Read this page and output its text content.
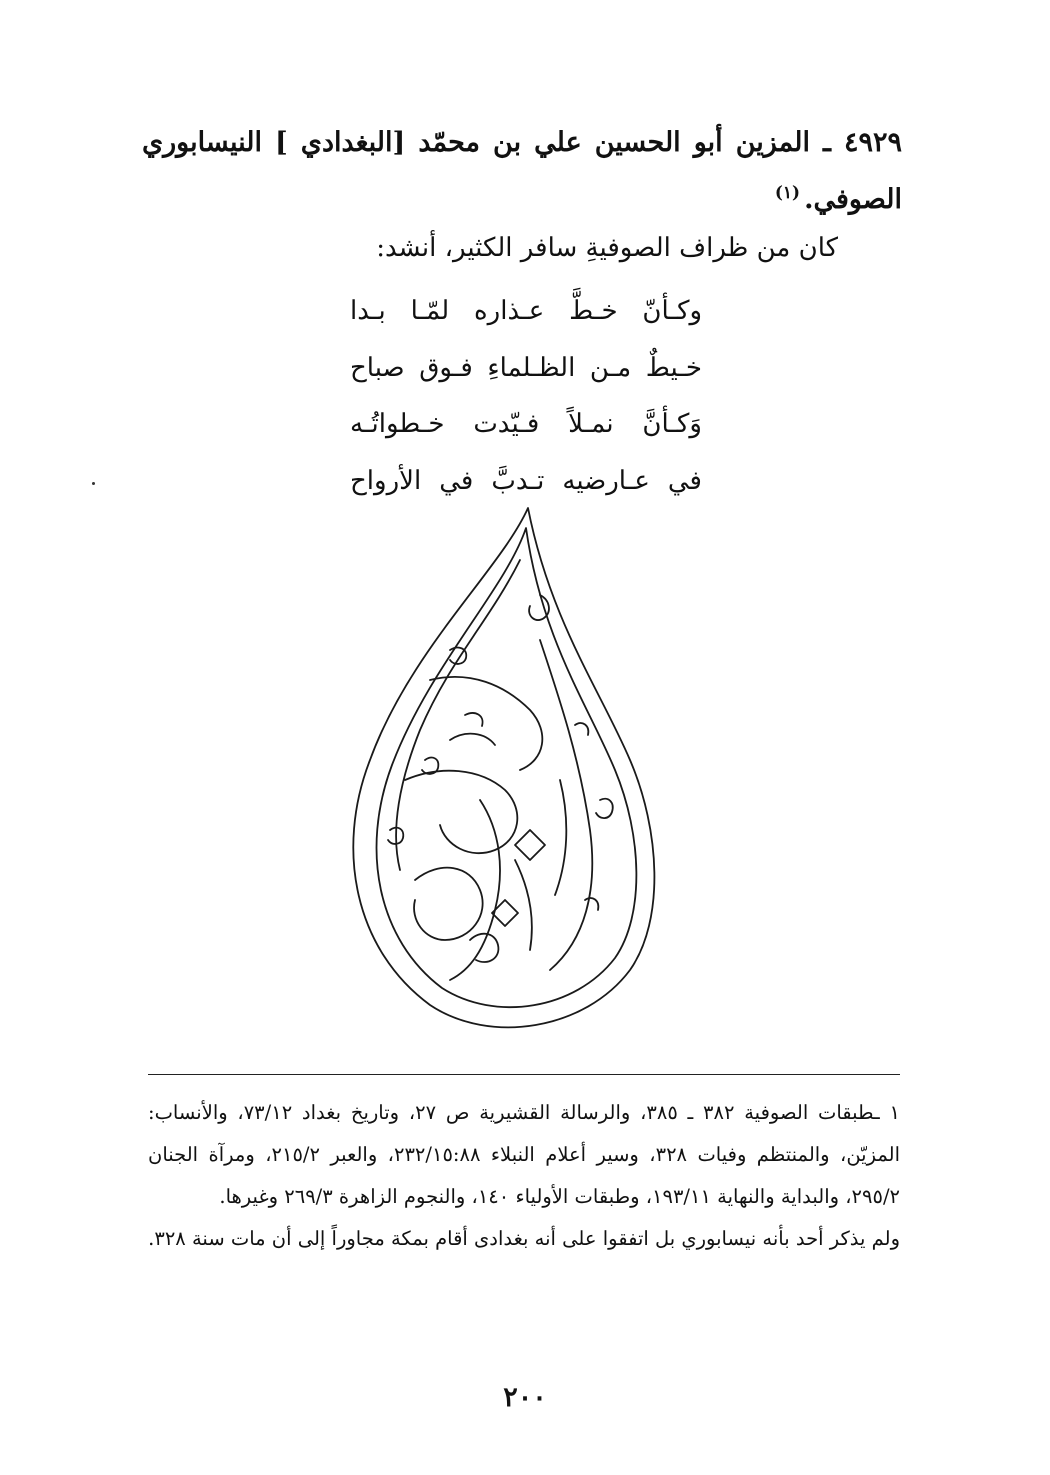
٤٩٢٩ ـ المزين أبو الحسين علي بن محمّد [البغدادي ] النيسابوري
الصوفي.$^{(١)}$
كان من ظراف الصوفيةِ سافر الكثير، أنشد:
وكـأنّ خـطَّ عـذاره لمّـا بـدا
خـيطٌ مـن الظـلماءِ فـوق صباح
وَكـأنَّ نمـلاً فـيّدت خـطواتُـه
في عـارضيه تـدبَّ في الأرواح

١ ـطبقات الصوفية ٣٨٢ ـ ٣٨٥، والرسالة القشيرية ص ٢٧، وتاريخ بغداد ٧٣/١٢، والأنساب: المزيّن، والمنتظم وفيات ٣٢٨، وسير أعلام النبلاء ٢٣٢/١٥:٨٨، والعبر ٢١٥/٢، ومرآة الجنان ٢٩٥/٢، والبداية والنهاية ١٩٣/١١، وطبقات الأولياء ١٤٠، والنجوم الزاهرة ٢٦٩/٣ وغيرها.

ولم يذكر أحد بأنه نيسابوري بل اتفقوا على أنه بغدادى أقام بمكة مجاوراً إلى أن مات سنة ٣٢٨.

٢٠٠
